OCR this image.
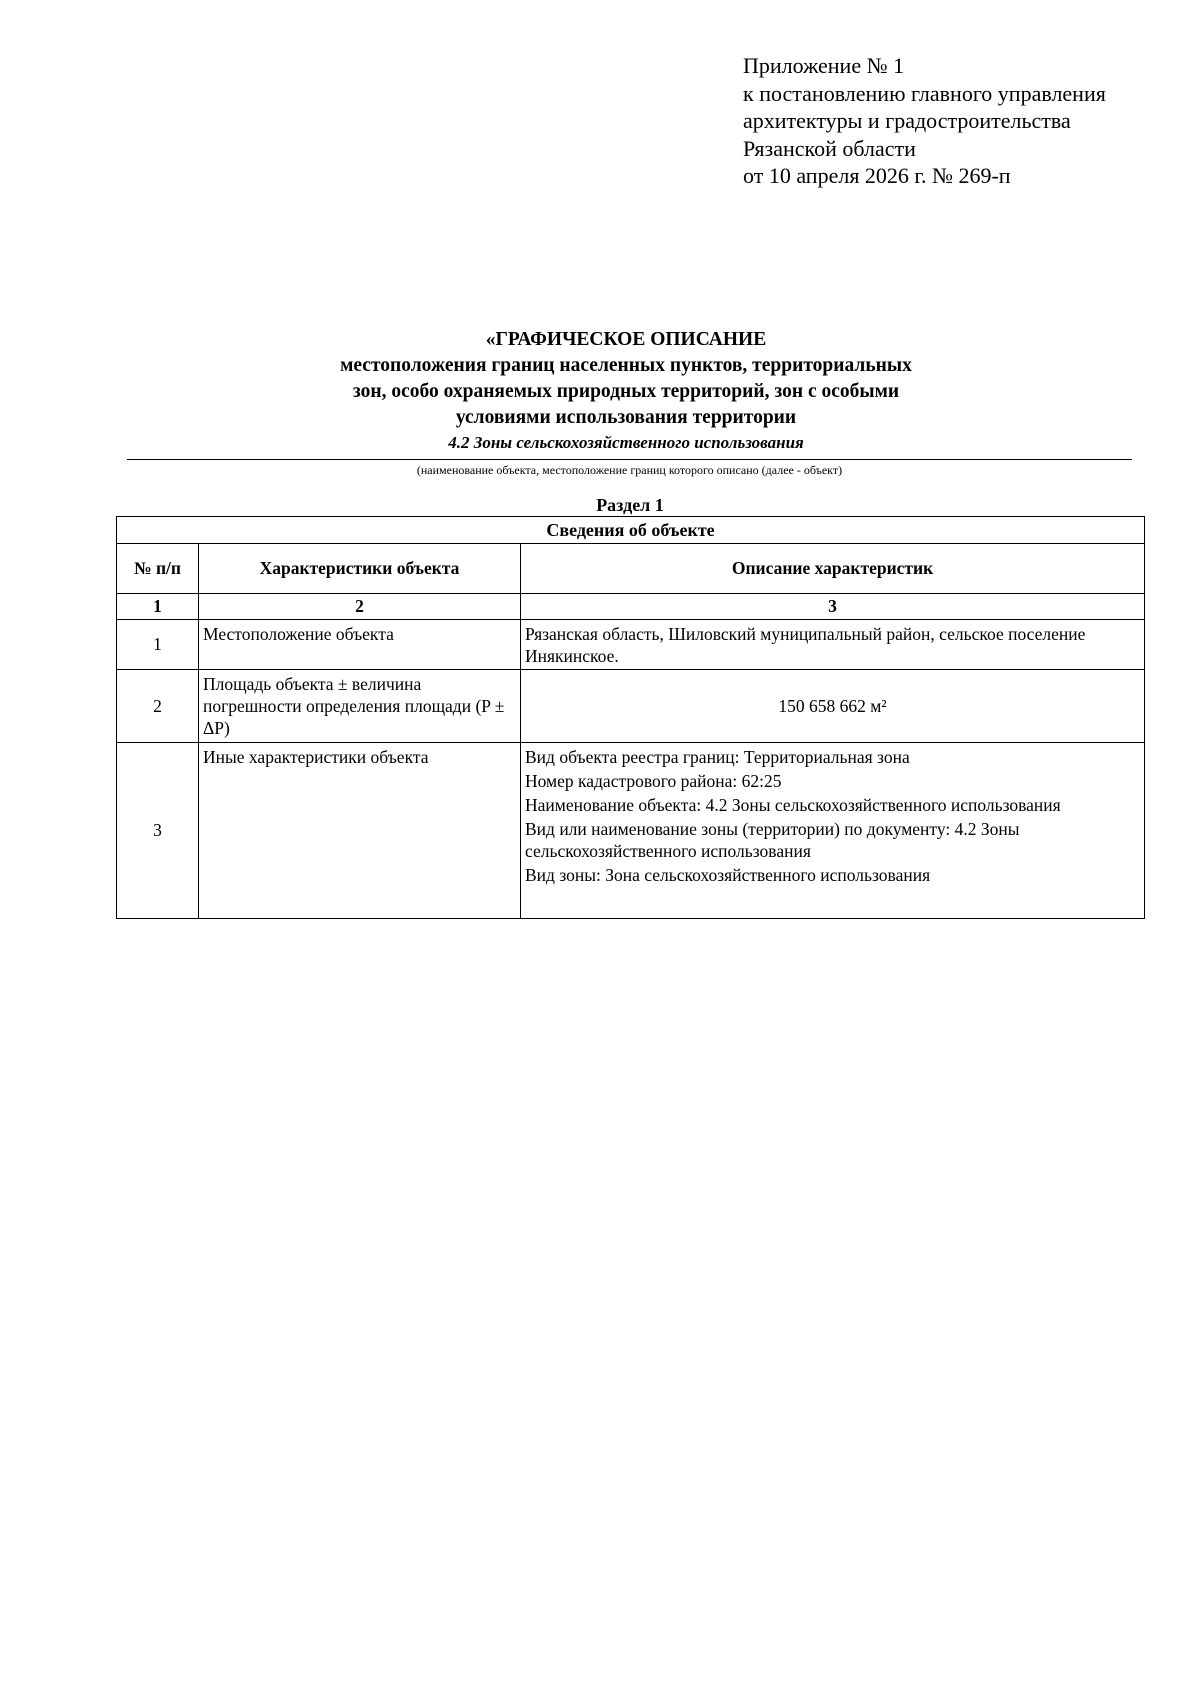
Приложение № 1
к постановлению главного управления
архитектуры и градостроительства
Рязанской области
от 10 апреля 2026 г. № 269-п
«ГРАФИЧЕСКОЕ ОПИСАНИЕ
местоположения границ населенных пунктов, территориальных
зон, особо охраняемых природных территорий, зон с особыми
условиями использования территории
4.2 Зоны сельскохозяйственного использования
(наименование объекта, местоположение границ которого описано (далее - объект)
Раздел 1
Сведения об объекте		
№ п/п	Характеристики объекта	Описание характеристик
1	2	3
1	Местоположение объекта	Рязанская область, Шиловский муниципальный район, сельское поселение Инякинское.

2	Площадь объекта ± величина погрешности определения площади (P ± ΔP)	150 658 662 м²
3	Иные характеристики объекта	Вид объекта реестра границ: Территориальная зона
Номер кадастрового района: 62:25
Наименование объекта: 4.2 Зоны сельскохозяйственного использования
Вид или наименование зоны (территории) по документу: 4.2 Зоны сельскохозяйственного использования
Вид зоны: Зона сельскохозяйственного использования
